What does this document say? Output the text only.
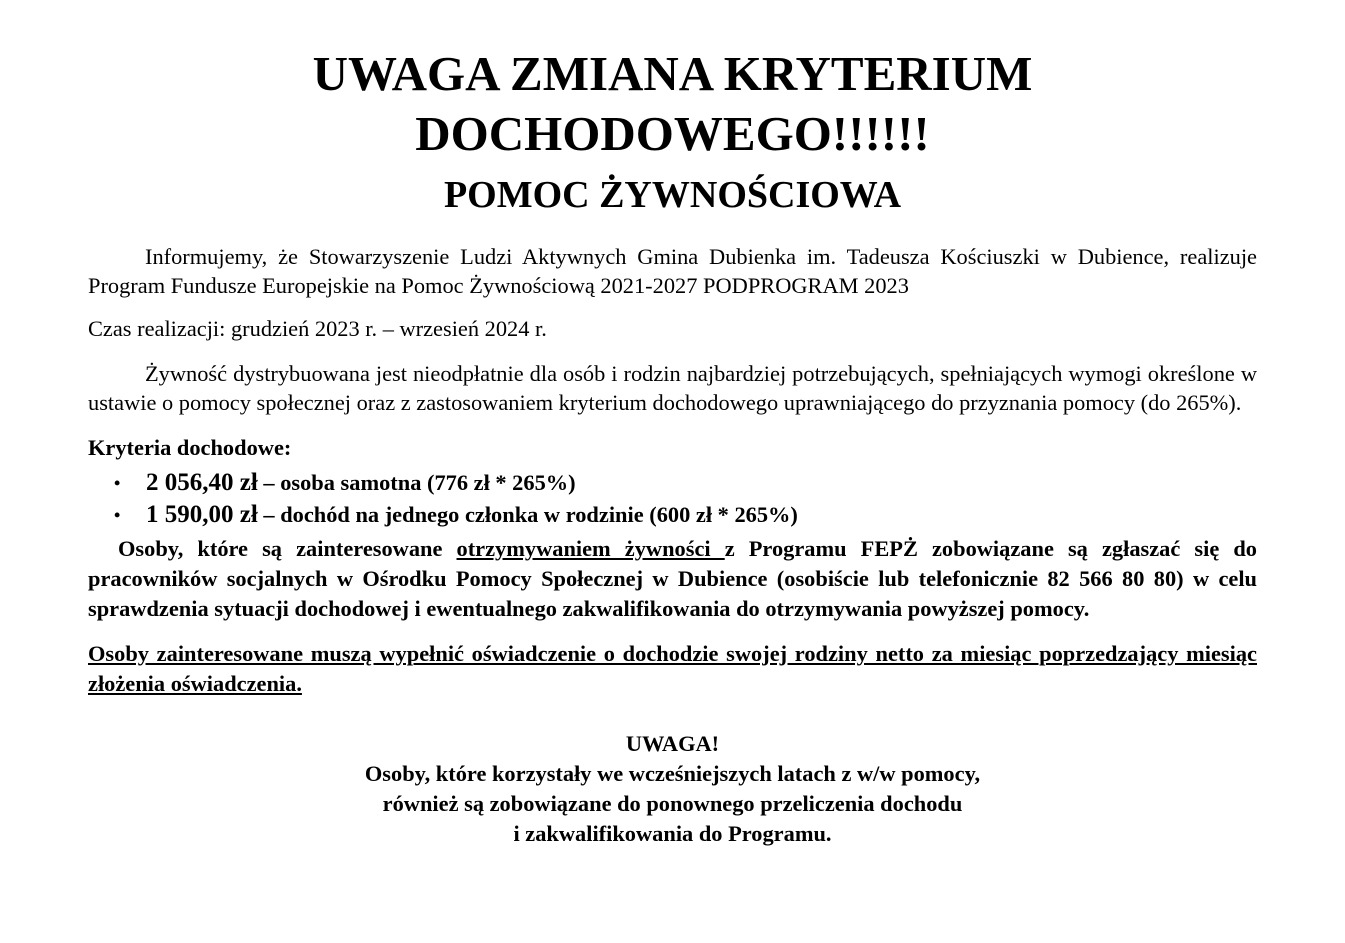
UWAGA ZMIANA KRYTERIUM
DOCHODOWEGO!!!!!!
POMOC ŻYWNOŚCIOWA

Informujemy, że Stowarzyszenie Ludzi Aktywnych Gmina Dubienka im. Tadeusza Kościuszki w Dubience, realizuje Program Fundusze Europejskie na Pomoc Żywnościową 2021-2027 PODPROGRAM 2023

Czas realizacji: grudzień 2023 r. – wrzesień 2024 r.

Żywność dystrybuowana jest nieodpłatnie dla osób i rodzin najbardziej potrzebujących, spełniających wymogi określone w ustawie o pomocy społecznej oraz z zastosowaniem kryterium dochodowego uprawniającego do przyznania pomocy (do 265%).

Kryteria dochodowe:

• 2 056,40 zł – osoba samotna (776 zł * 265%)
• 1 590,00 zł – dochód na jednego członka w rodzinie (600 zł * 265%)

Osoby, które są zainteresowane otrzymywaniem żywności z Programu FEPŻ zobowiązane są zgłaszać się do pracowników socjalnych w Ośrodku Pomocy Społecznej w Dubience (osobiście lub telefonicznie 82 566 80 80) w celu sprawdzenia sytuacji dochodowej i ewentualnego zakwalifikowania do otrzymywania powyższej pomocy.

Osoby zainteresowane muszą wypełnić oświadczenie o dochodzie swojej rodziny netto za miesiąc poprzedzający miesiąc złożenia oświadczenia.

UWAGA!
Osoby, które korzystały we wcześniejszych latach z w/w pomocy,
również są zobowiązane do ponownego przeliczenia dochodu
i zakwalifikowania do Programu.
